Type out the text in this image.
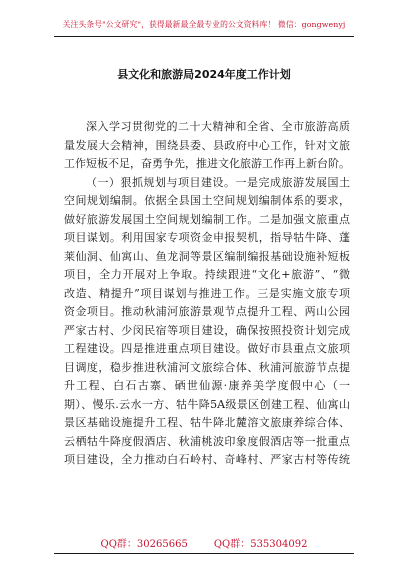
关注头条号"公文研究"，获得最新最全最专业的公文资料库！ 微信：gongwenyj
县文化和旅游局2024年度工作计划
深入学习贯彻党的二十大精神和全省、全市旅游高质
量发展大会精神，围绕县委、县政府中心工作，针对文旅
工作短板不足，奋勇争先，推进文化旅游工作再上新台阶。
（一）狠抓规划与项目建设。一是完成旅游发展国土
空间规划编制。依据全县国土空间规划编制体系的要求，
做好旅游发展国土空间规划编制工作。二是加强文旅重点
项目谋划。利用国家专项资金申报契机，指导牯牛降、蓬
莱仙洞、仙寓山、鱼龙洞等景区编制编报基础设施补短板
项目，全力开展对上争取。持续跟进“文化+旅游”、“微
改造、精提升”项目谋划与推进工作。三是实施文旅专项
资金项目。推动秋浦河旅游景观节点提升工程、两山公园
严家古村、少闵民宿等项目建设，确保按照投资计划完成
工程建设。四是推进重点项目建设。做好市县重点文旅项
目调度，稳步推进秋浦河文旅综合体、秋浦河旅游节点提
升工程、白石古寨、硒世仙源·康养美学度假中心（一
期）、慢乐.云水一方、牯牛降5A级景区创建工程、仙寓山
景区基础设施提升工程、牯牛降北麓溶文旅康养综合体、
云栖牯牛降度假酒店、秋浦桃波印象度假酒店等一批重点
项目建设，全力推动白石岭村、奇峰村、严家古村等传统
QQ群：30265665	QQ群：535304092
